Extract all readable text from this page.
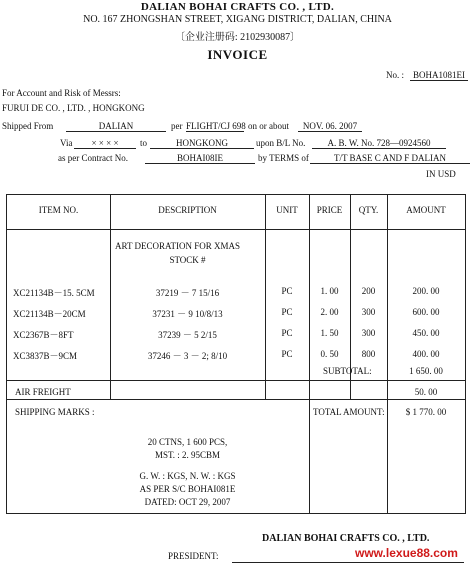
DALIAN BOHAI CRAFTS CO. , LTD.
NO. 167 ZHONGSHAN STREET, XIGANG DISTRICT, DALIAN, CHINA
〔企业注册码: 2102930087〕
INVOICE
No. :	BOHA1081EI
For Account and Risk of Messrs:
FURUI DE CO. , LTD. , HONGKONG
Shipped From	DALIAN	per FLIGHT/CJ 698 on or about	NOV. 06. 2007
Via	× × × ×	to	HONGKONG	upon B/L No.	A. B. W. No. 728—0924560
as per Contract No.	BOHAI08IE	by TERMS of	T/T BASE C AND F DALIAN
IN USD
ITEM NO.	DESCRIPTION	UNIT	PRICE	QTY.	AMOUNT
ART DECORATION FOR XMAS
STOCK #
XC21134B－15. 5CM	37219 － 7 15/16	PC	1. 00	200	200. 00
XC21134B－20CM	37231 － 9 10/8/13	PC	2. 00	300	600. 00
XC2367B－8FT	37239 － 5 2/15	PC	1. 50	300	450. 00
XC3837B－9CM	37246 － 3 － 2; 8/10	PC	0. 50	800	400. 00
SUBTOTAL:	1 650. 00
AIR FREIGHT	50. 00
SHIPPING MARKS :	TOTAL AMOUNT:	$ 1 770. 00
20 CTNS, 1 600 PCS,
MST. : 2. 95CBM
G. W. : KGS, N. W. : KGS
AS PER S/C BOHAI081E
DATED: OCT 29, 2007
DALIAN BOHAI CRAFTS CO. , LTD.
PRESIDENT:	www.lexue88.com
